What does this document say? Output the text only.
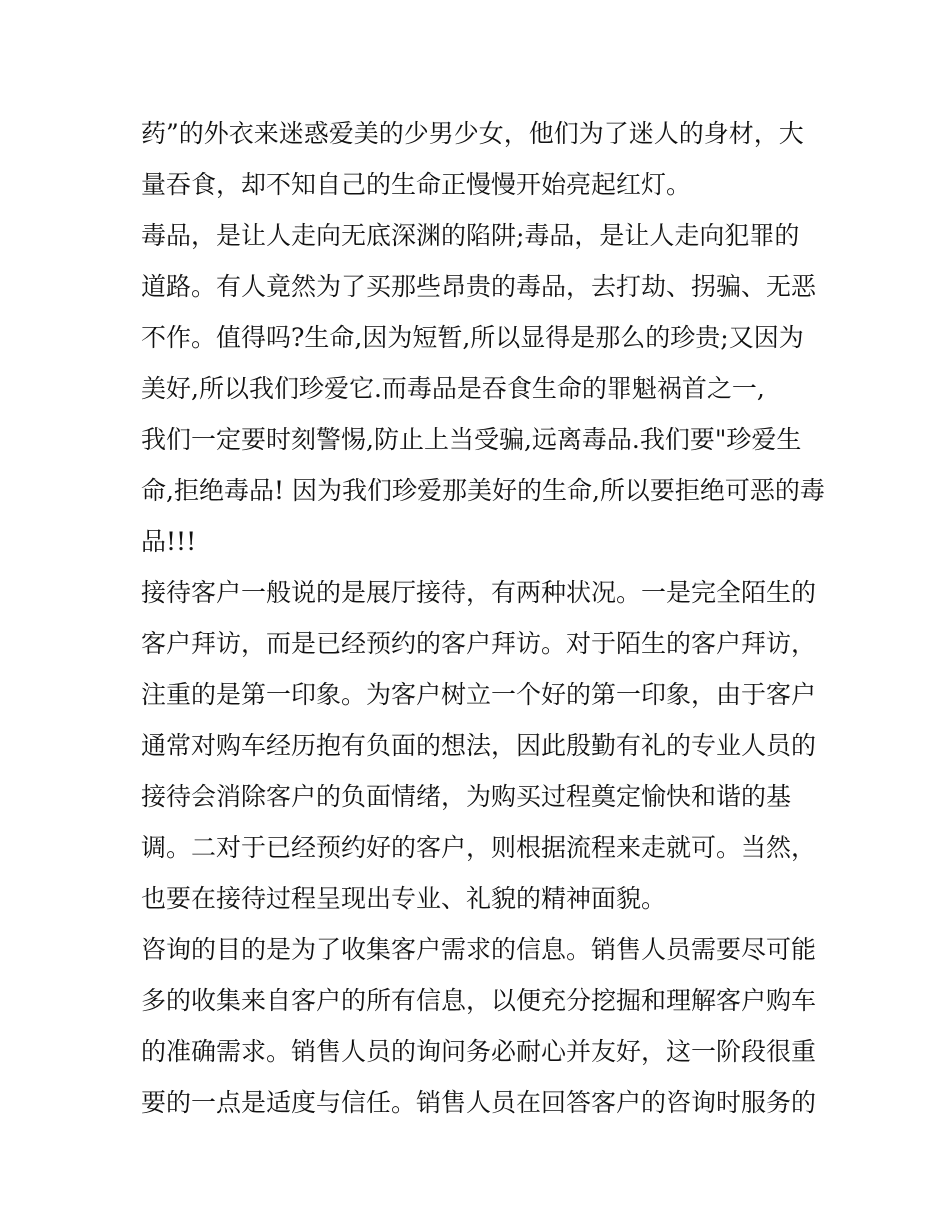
药”的外衣来迷惑爱美的少男少女，他们为了迷人的身材，大
量吞食，却不知自己的生命正慢慢开始亮起红灯。
毒品，是让人走向无底深渊的陷阱;毒品，是让人走向犯罪的
道路。有人竟然为了买那些昂贵的毒品，去打劫、拐骗、无恶
不作。值得吗?生命,因为短暂,所以显得是那么的珍贵;又因为
美好,所以我们珍爱它.而毒品是吞食生命的罪魁祸首之一,
我们一定要时刻警惕,防止上当受骗,远离毒品.我们要"珍爱生
命,拒绝毒品! 因为我们珍爱那美好的生命,所以要拒绝可恶的毒
品!!!
接待客户一般说的是展厅接待，有两种状况。一是完全陌生的
客户拜访，而是已经预约的客户拜访。对于陌生的客户拜访，
注重的是第一印象。为客户树立一个好的第一印象，由于客户
通常对购车经历抱有负面的想法，因此殷勤有礼的专业人员的
接待会消除客户的负面情绪，为购买过程奠定愉快和谐的基
调。二对于已经预约好的客户，则根据流程来走就可。当然，
也要在接待过程呈现出专业、礼貌的精神面貌。
咨询的目的是为了收集客户需求的信息。销售人员需要尽可能
多的收集来自客户的所有信息，以便充分挖掘和理解客户购车
的准确需求。销售人员的询问务必耐心并友好，这一阶段很重
要的一点是适度与信任。销售人员在回答客户的咨询时服务的
